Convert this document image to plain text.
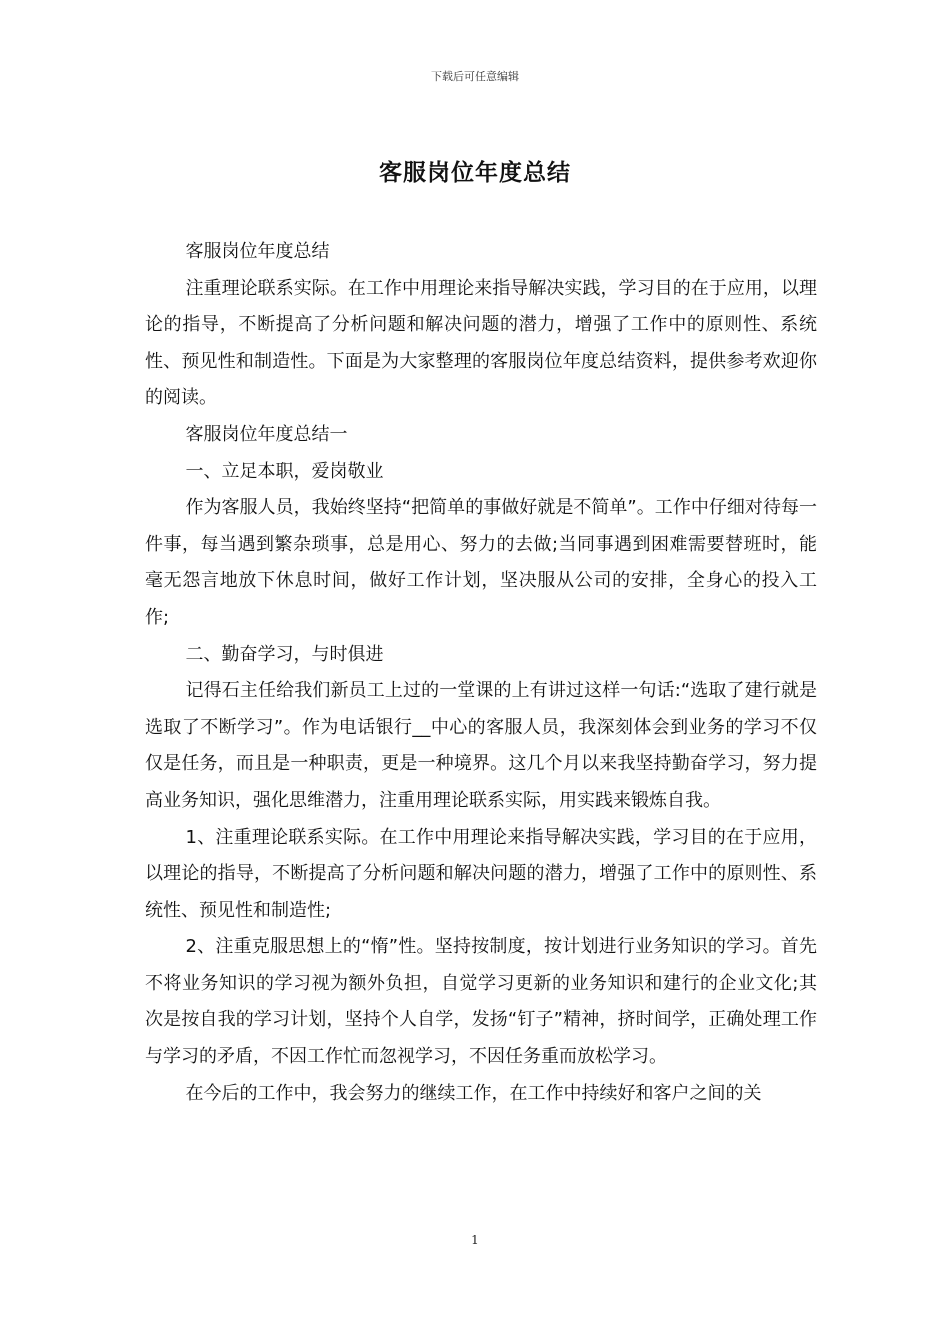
下载后可任意编辑
客服岗位年度总结

客服岗位年度总结

注重理论联系实际。在工作中用理论来指导解决实践，学习目的在于应用，以理论的指导，不断提高了分析问题和解决问题的潜力，增强了工作中的原则性、系统性、预见性和制造性。下面是为大家整理的客服岗位年度总结资料，提供参考欢迎你的阅读。

客服岗位年度总结一

一、立足本职，爱岗敬业

作为客服人员，我始终坚持“把简单的事做好就是不简单”。工作中仔细对待每一件事，每当遇到繁杂琐事，总是用心、努力的去做;当同事遇到困难需要替班时，能毫无怨言地放下休息时间，做好工作计划，坚决服从公司的安排，全身心的投入工作;

二、勤奋学习，与时俱进

记得石主任给我们新员工上过的一堂课的上有讲过这样一句话:“选取了建行就是选取了不断学习”。作为电话银行__中心的客服人员，我深刻体会到业务的学习不仅仅是任务，而且是一种职责，更是一种境界。这几个月以来我坚持勤奋学习，努力提高业务知识，强化思维潜力，注重用理论联系实际，用实践来锻炼自我。

1、注重理论联系实际。在工作中用理论来指导解决实践，学习目的在于应用，以理论的指导，不断提高了分析问题和解决问题的潜力，增强了工作中的原则性、系统性、预见性和制造性;

2、注重克服思想上的“惰”性。坚持按制度，按计划进行业务知识的学习。首先不将业务知识的学习视为额外负担，自觉学习更新的业务知识和建行的企业文化;其次是按自我的学习计划，坚持个人自学，发扬“钉子”精神，挤时间学，正确处理工作与学习的矛盾，不因工作忙而忽视学习，不因任务重而放松学习。

在今后的工作中，我会努力的继续工作，在工作中持续好和客户之间的关

1
